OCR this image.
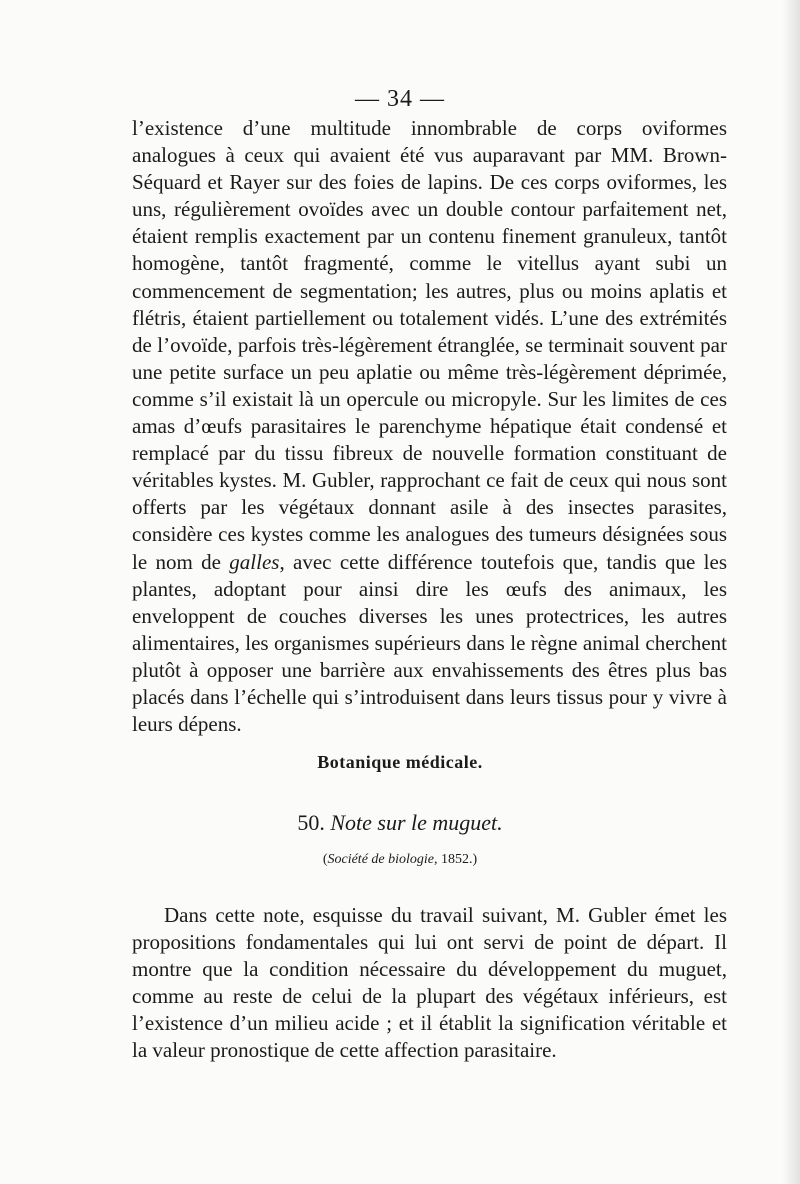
— 34 —

l’existence d’une multitude innombrable de corps oviformes analogues à ceux qui avaient été vus auparavant par MM. Brown-Séquard et Rayer sur des foies de lapins. De ces corps oviformes, les uns, régulièrement ovoïdes avec un double contour parfaitement net, étaient remplis exactement par un contenu finement granuleux, tantôt homogène, tantôt fragmenté, comme le vitellus ayant subi un commencement de segmentation; les autres, plus ou moins aplatis et flétris, étaient partiellement ou totalement vidés. L’une des extrémités de l’ovoïde, parfois très-légèrement étranglée, se terminait souvent par une petite surface un peu aplatie ou même très-légèrement déprimée, comme s’il existait là un opercule ou micropyle. Sur les limites de ces amas d’œufs parasitaires le parenchyme hépatique était condensé et remplacé par du tissu fibreux de nouvelle formation constituant de véritables kystes. M. Gubler, rapprochant ce fait de ceux qui nous sont offerts par les végétaux donnant asile à des insectes parasites, considère ces kystes comme les analogues des tumeurs désignées sous le nom de galles, avec cette différence toutefois que, tandis que les plantes, adoptant pour ainsi dire les œufs des animaux, les enveloppent de couches diverses les unes protectrices, les autres alimentaires, les organismes supérieurs dans le règne animal cherchent plutôt à opposer une barrière aux envahissements des êtres plus bas placés dans l’échelle qui s’introduisent dans leurs tissus pour y vivre à leurs dépens.

Botanique médicale.
50. Note sur le muguet.
(Société de biologie, 1852.)

Dans cette note, esquisse du travail suivant, M. Gubler émet les propositions fondamentales qui lui ont servi de point de départ. Il montre que la condition nécessaire du développement du muguet, comme au reste de celui de la plupart des végétaux inférieurs, est l’existence d’un milieu acide ; et il établit la signification véritable et la valeur pronostique de cette affection parasitaire.
